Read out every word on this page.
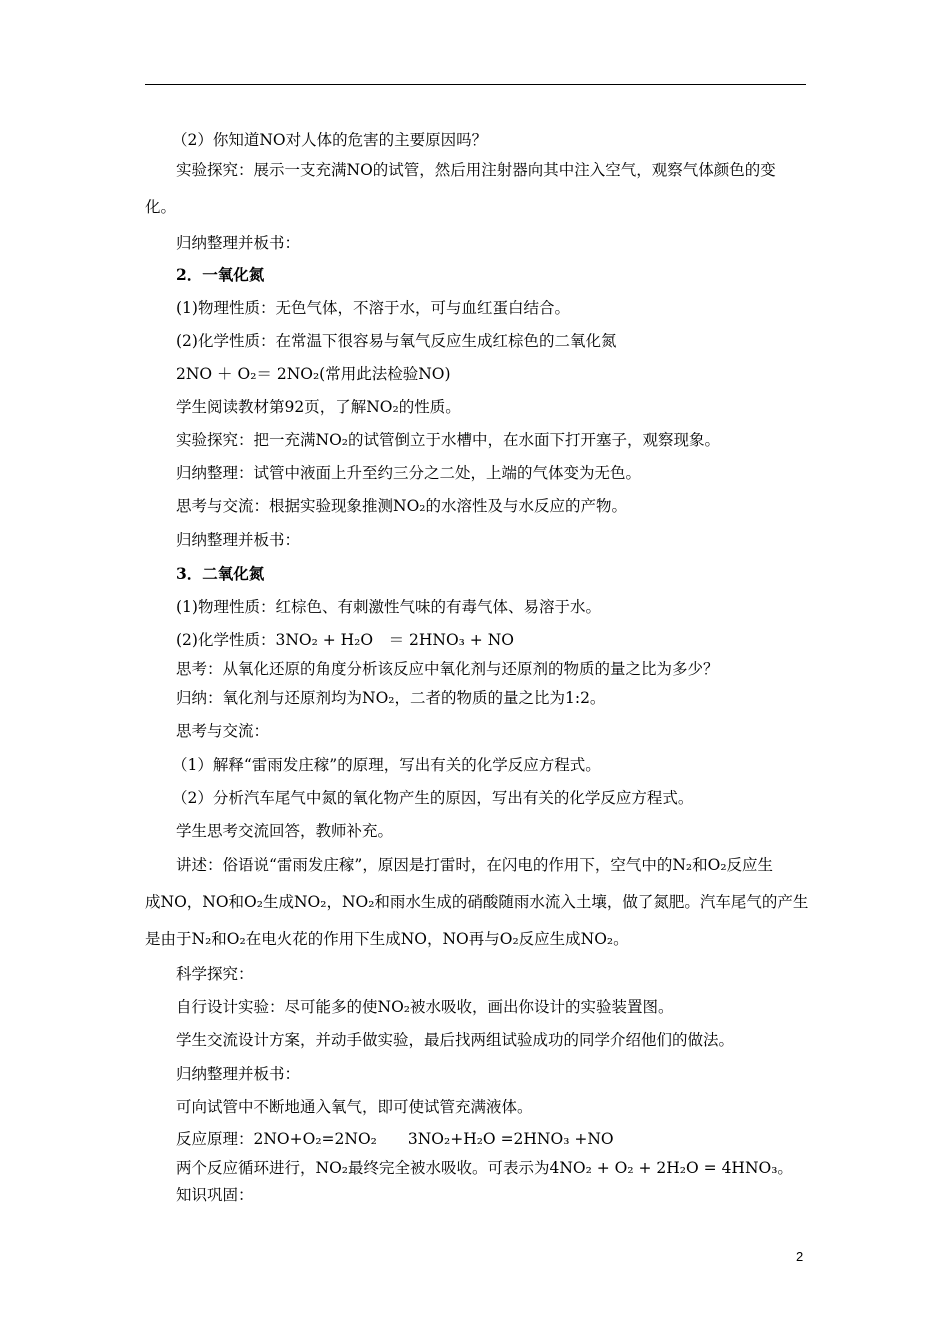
（2）你知道NO对人体的危害的主要原因吗？
实验探究：展示一支充满NO的试管，然后用注射器向其中注入空气，观察气体颜色的变
化。
归纳整理并板书：
2．一氧化氮
(1)物理性质：无色气体，不溶于水，可与血红蛋白结合。
(2)化学性质：在常温下很容易与氧气反应生成红棕色的二氧化氮
2NO ＋ O₂＝ 2NO₂(常用此法检验NO)
学生阅读教材第92页，了解NO₂的性质。
实验探究：把一充满NO₂的试管倒立于水槽中，在水面下打开塞子，观察现象。
归纳整理：试管中液面上升至约三分之二处，上端的气体变为无色。
思考与交流：根据实验现象推测NO₂的水溶性及与水反应的产物。
归纳整理并板书：
3．二氧化氮
(1)物理性质：红棕色、有刺激性气味的有毒气体、易溶于水。
(2)化学性质：3NO₂ + H₂O　＝ 2HNO₃ + NO
思考：从氧化还原的角度分析该反应中氧化剂与还原剂的物质的量之比为多少？
归纳：氧化剂与还原剂均为NO₂，二者的物质的量之比为1:2。
思考与交流：
（1）解释“雷雨发庄稼”的原理，写出有关的化学反应方程式。
（2）分析汽车尾气中氮的氧化物产生的原因，写出有关的化学反应方程式。
学生思考交流回答，教师补充。
讲述：俗语说“雷雨发庄稼”，原因是打雷时，在闪电的作用下，空气中的N₂和O₂反应生
成NO，NO和O₂生成NO₂，NO₂和雨水生成的硝酸随雨水流入土壤，做了氮肥。汽车尾气的产生
是由于N₂和O₂在电火花的作用下生成NO，NO再与O₂反应生成NO₂。
科学探究：
自行设计实验：尽可能多的使NO₂被水吸收，画出你设计的实验装置图。
学生交流设计方案，并动手做实验，最后找两组试验成功的同学介绍他们的做法。
归纳整理并板书：
可向试管中不断地通入氧气，即可使试管充满液体。
反应原理：2NO+O₂=2NO₂　　3NO₂+H₂O =2HNO₃ +NO
两个反应循环进行，NO₂最终完全被水吸收。可表示为4NO₂ + O₂ + 2H₂O = 4HNO₃。
知识巩固：
2
